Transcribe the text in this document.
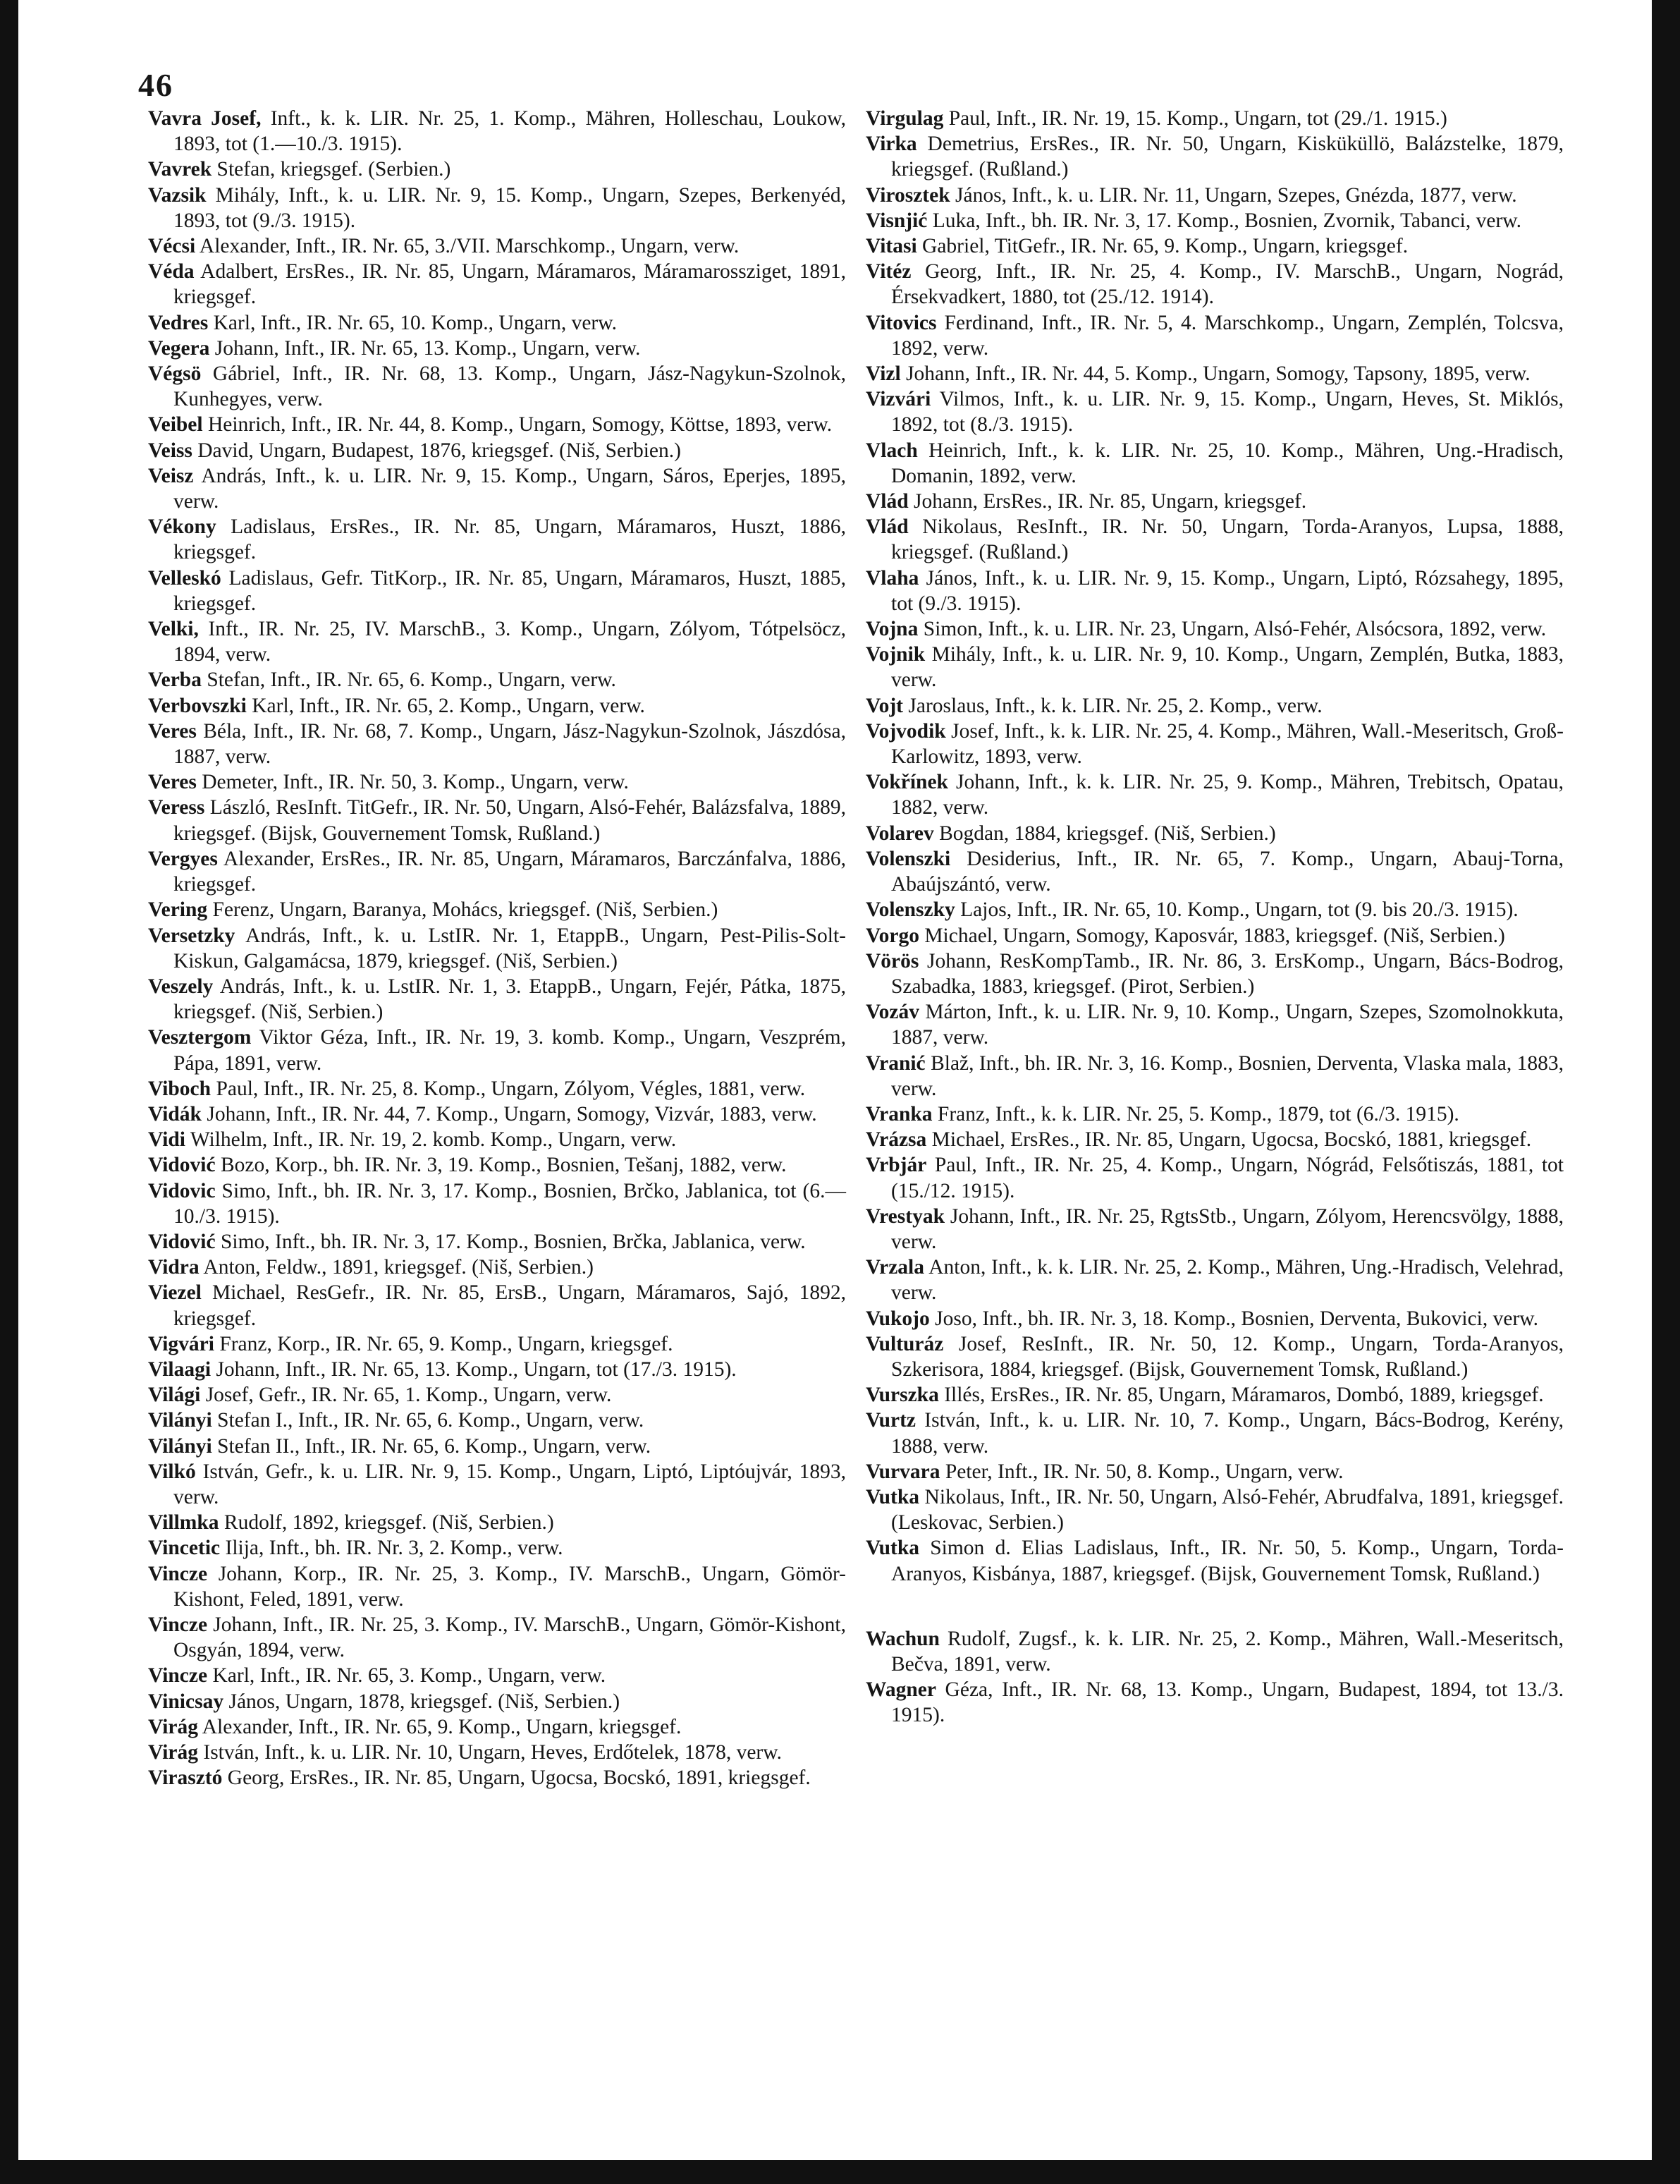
46
Vavra Josef, Inft., k. k. LIR. Nr. 25, 1. Komp., Mähren, Holleschau, Loukow, 1893, tot (1.—10./3. 1915).
Vavrek Stefan, kriegsgef. (Serbien.)
Vazsik Mihály, Inft., k. u. LIR. Nr. 9, 15. Komp., Ungarn, Szepes, Berkenyéd, 1893, tot (9./3. 1915).
Vécsi Alexander, Inft., IR. Nr. 65, 3./VII. Marschkomp., Ungarn, verw.
Véda Adalbert, ErsRes., IR. Nr. 85, Ungarn, Máramaros, Máramarossziget, 1891, kriegsgef.
Vedres Karl, Inft., IR. Nr. 65, 10. Komp., Ungarn, verw.
Vegera Johann, Inft., IR. Nr. 65, 13. Komp., Ungarn, verw.
Végsö Gábriel, Inft., IR. Nr. 68, 13. Komp., Ungarn, Jász-Nagykun-Szolnok, Kunhegyes, verw.
Veibel Heinrich, Inft., IR. Nr. 44, 8. Komp., Ungarn, Somogy, Köttse, 1893, verw.
Veiss David, Ungarn, Budapest, 1876, kriegsgef. (Niš, Serbien.)
Veisz András, Inft., k. u. LIR. Nr. 9, 15. Komp., Ungarn, Sáros, Eperjes, 1895, verw.
Vékony Ladislaus, ErsRes., IR. Nr. 85, Ungarn, Máramaros, Huszt, 1886, kriegsgef.
Velleskó Ladislaus, Gefr. TitKorp., IR. Nr. 85, Ungarn, Máramaros, Huszt, 1885, kriegsgef.
Velki, Inft., IR. Nr. 25, IV. MarschB., 3. Komp., Ungarn, Zólyom, Tótpelsöcz, 1894, verw.
Verba Stefan, Inft., IR. Nr. 65, 6. Komp., Ungarn, verw.
Verbovszki Karl, Inft., IR. Nr. 65, 2. Komp., Ungarn, verw.
Veres Béla, Inft., IR. Nr. 68, 7. Komp., Ungarn, Jász-Nagykun-Szolnok, Jászdósa, 1887, verw.
Veres Demeter, Inft., IR. Nr. 50, 3. Komp., Ungarn, verw.
Veress László, ResInft. TitGefr., IR. Nr. 50, Ungarn, Alsó-Fehér, Balázsfalva, 1889, kriegsgef. (Bijsk, Gouvernement Tomsk, Rußland.)
Vergyes Alexander, ErsRes., IR. Nr. 85, Ungarn, Máramaros, Barczánfalva, 1886, kriegsgef.
Vering Ferenz, Ungarn, Baranya, Mohács, kriegsgef. (Niš, Serbien.)
Versetzky András, Inft., k. u. LstIR. Nr. 1, EtappB., Ungarn, Pest-Pilis-Solt-Kiskun, Galgamácsa, 1879, kriegsgef. (Niš, Serbien.)
Veszely András, Inft., k. u. LstIR. Nr. 1, 3. EtappB., Ungarn, Fejér, Pátka, 1875, kriegsgef. (Niš, Serbien.)
Vesztergom Viktor Géza, Inft., IR. Nr. 19, 3. komb. Komp., Ungarn, Veszprém, Pápa, 1891, verw.
Viboch Paul, Inft., IR. Nr. 25, 8. Komp., Ungarn, Zólyom, Végles, 1881, verw.
Vidák Johann, Inft., IR. Nr. 44, 7. Komp., Ungarn, Somogy, Vizvár, 1883, verw.
Vidi Wilhelm, Inft., IR. Nr. 19, 2. komb. Komp., Ungarn, verw.
Vidović Bozo, Korp., bh. IR. Nr. 3, 19. Komp., Bosnien, Tešanj, 1882, verw.
Vidovic Simo, Inft., bh. IR. Nr. 3, 17. Komp., Bosnien, Brčko, Jablanica, tot (6.—10./3. 1915).
Vidović Simo, Inft., bh. IR. Nr. 3, 17. Komp., Bosnien, Brčka, Jablanica, verw.
Vidra Anton, Feldw., 1891, kriegsgef. (Niš, Serbien.)
Viezel Michael, ResGefr., IR. Nr. 85, ErsB., Ungarn, Máramaros, Sajó, 1892, kriegsgef.
Vigvári Franz, Korp., IR. Nr. 65, 9. Komp., Ungarn, kriegsgef.
Vilaagi Johann, Inft., IR. Nr. 65, 13. Komp., Ungarn, tot (17./3. 1915).
Világi Josef, Gefr., IR. Nr. 65, 1. Komp., Ungarn, verw.
Vilányi Stefan I., Inft., IR. Nr. 65, 6. Komp., Ungarn, verw.
Vilányi Stefan II., Inft., IR. Nr. 65, 6. Komp., Ungarn, verw.
Vilkó István, Gefr., k. u. LIR. Nr. 9, 15. Komp., Ungarn, Liptó, Liptóujvár, 1893, verw.
Villmka Rudolf, 1892, kriegsgef. (Niš, Serbien.)
Vincetic Ilija, Inft., bh. IR. Nr. 3, 2. Komp., verw.
Vincze Johann, Korp., IR. Nr. 25, 3. Komp., IV. MarschB., Ungarn, Gömör-Kishont, Feled, 1891, verw.
Vincze Johann, Inft., IR. Nr. 25, 3. Komp., IV. MarschB., Ungarn, Gömör-Kishont, Osgyán, 1894, verw.
Vincze Karl, Inft., IR. Nr. 65, 3. Komp., Ungarn, verw.
Vinicsay János, Ungarn, 1878, kriegsgef. (Niš, Serbien.)
Virág Alexander, Inft., IR. Nr. 65, 9. Komp., Ungarn, kriegsgef.
Virág István, Inft., k. u. LIR. Nr. 10, Ungarn, Heves, Erdőtelek, 1878, verw.
Virasztó Georg, ErsRes., IR. Nr. 85, Ungarn, Ugocsa, Bocskó, 1891, kriegsgef.
Virgulag Paul, Inft., IR. Nr. 19, 15. Komp., Ungarn, tot (29./1. 1915.)
Virka Demetrius, ErsRes., IR. Nr. 50, Ungarn, Kisküküllö, Balázstelke, 1879, kriegsgef. (Rußland.)
Virosztek János, Inft., k. u. LIR. Nr. 11, Ungarn, Szepes, Gnézda, 1877, verw.
Visnjić Luka, Inft., bh. IR. Nr. 3, 17. Komp., Bosnien, Zvornik, Tabanci, verw.
Vitasi Gabriel, TitGefr., IR. Nr. 65, 9. Komp., Ungarn, kriegsgef.
Vitéz Georg, Inft., IR. Nr. 25, 4. Komp., IV. MarschB., Ungarn, Nográd, Érsekvadkert, 1880, tot (25./12. 1914).
Vitovics Ferdinand, Inft., IR. Nr. 5, 4. Marschkomp., Ungarn, Zemplén, Tolcsva, 1892, verw.
Vizl Johann, Inft., IR. Nr. 44, 5. Komp., Ungarn, Somogy, Tapsony, 1895, verw.
Vizvári Vilmos, Inft., k. u. LIR. Nr. 9, 15. Komp., Ungarn, Heves, St. Miklós, 1892, tot (8./3. 1915).
Vlach Heinrich, Inft., k. k. LIR. Nr. 25, 10. Komp., Mähren, Ung.-Hradisch, Domanin, 1892, verw.
Vlád Johann, ErsRes., IR. Nr. 85, Ungarn, kriegsgef.
Vlád Nikolaus, ResInft., IR. Nr. 50, Ungarn, Torda-Aranyos, Lupsa, 1888, kriegsgef. (Rußland.)
Vlaha János, Inft., k. u. LIR. Nr. 9, 15. Komp., Ungarn, Liptó, Rózsahegy, 1895, tot (9./3. 1915).
Vojna Simon, Inft., k. u. LIR. Nr. 23, Ungarn, Alsó-Fehér, Alsócsora, 1892, verw.
Vojnik Mihály, Inft., k. u. LIR. Nr. 9, 10. Komp., Ungarn, Zemplén, Butka, 1883, verw.
Vojt Jaroslaus, Inft., k. k. LIR. Nr. 25, 2. Komp., verw.
Vojvodik Josef, Inft., k. k. LIR. Nr. 25, 4. Komp., Mähren, Wall.-Meseritsch, Groß-Karlowitz, 1893, verw.
Vokřínek Johann, Inft., k. k. LIR. Nr. 25, 9. Komp., Mähren, Trebitsch, Opatau, 1882, verw.
Volarev Bogdan, 1884, kriegsgef. (Niš, Serbien.)
Volenszki Desiderius, Inft., IR. Nr. 65, 7. Komp., Ungarn, Abauj-Torna, Abaújszántó, verw.
Volenszky Lajos, Inft., IR. Nr. 65, 10. Komp., Ungarn, tot (9. bis 20./3. 1915).
Vorgo Michael, Ungarn, Somogy, Kaposvár, 1883, kriegsgef. (Niš, Serbien.)
Vörös Johann, ResKompTamb., IR. Nr. 86, 3. ErsKomp., Ungarn, Bács-Bodrog, Szabadka, 1883, kriegsgef. (Pirot, Serbien.)
Vozáv Márton, Inft., k. u. LIR. Nr. 9, 10. Komp., Ungarn, Szepes, Szomolnokkuta, 1887, verw.
Vranić Blaž, Inft., bh. IR. Nr. 3, 16. Komp., Bosnien, Derventa, Vlaska mala, 1883, verw.
Vranka Franz, Inft., k. k. LIR. Nr. 25, 5. Komp., 1879, tot (6./3. 1915).
Vrázsa Michael, ErsRes., IR. Nr. 85, Ungarn, Ugocsa, Bocskó, 1881, kriegsgef.
Vrbjár Paul, Inft., IR. Nr. 25, 4. Komp., Ungarn, Nógrád, Felsőtiszás, 1881, tot (15./12. 1915).
Vrestyak Johann, Inft., IR. Nr. 25, RgtsStb., Ungarn, Zólyom, Herencsvölgy, 1888, verw.
Vrzala Anton, Inft., k. k. LIR. Nr. 25, 2. Komp., Mähren, Ung.-Hradisch, Velehrad, verw.
Vukojo Joso, Inft., bh. IR. Nr. 3, 18. Komp., Bosnien, Derventa, Bukovici, verw.
Vulturáz Josef, ResInft., IR. Nr. 50, 12. Komp., Ungarn, Torda-Aranyos, Szkerisora, 1884, kriegsgef. (Bijsk, Gouvernement Tomsk, Rußland.)
Vurszka Illés, ErsRes., IR. Nr. 85, Ungarn, Máramaros, Dombó, 1889, kriegsgef.
Vurtz István, Inft., k. u. LIR. Nr. 10, 7. Komp., Ungarn, Bács-Bodrog, Kerény, 1888, verw.
Vurvara Peter, Inft., IR. Nr. 50, 8. Komp., Ungarn, verw.
Vutka Nikolaus, Inft., IR. Nr. 50, Ungarn, Alsó-Fehér, Abrudfalva, 1891, kriegsgef. (Leskovac, Serbien.)
Vutka Simon d. Elias Ladislaus, Inft., IR. Nr. 50, 5. Komp., Ungarn, Torda-Aranyos, Kisbánya, 1887, kriegsgef. (Bijsk, Gouvernement Tomsk, Rußland.)
Wachun Rudolf, Zugsf., k. k. LIR. Nr. 25, 2. Komp., Mähren, Wall.-Meseritsch, Bečva, 1891, verw.
Wagner Géza, Inft., IR. Nr. 68, 13. Komp., Ungarn, Budapest, 1894, tot 13./3. 1915).
